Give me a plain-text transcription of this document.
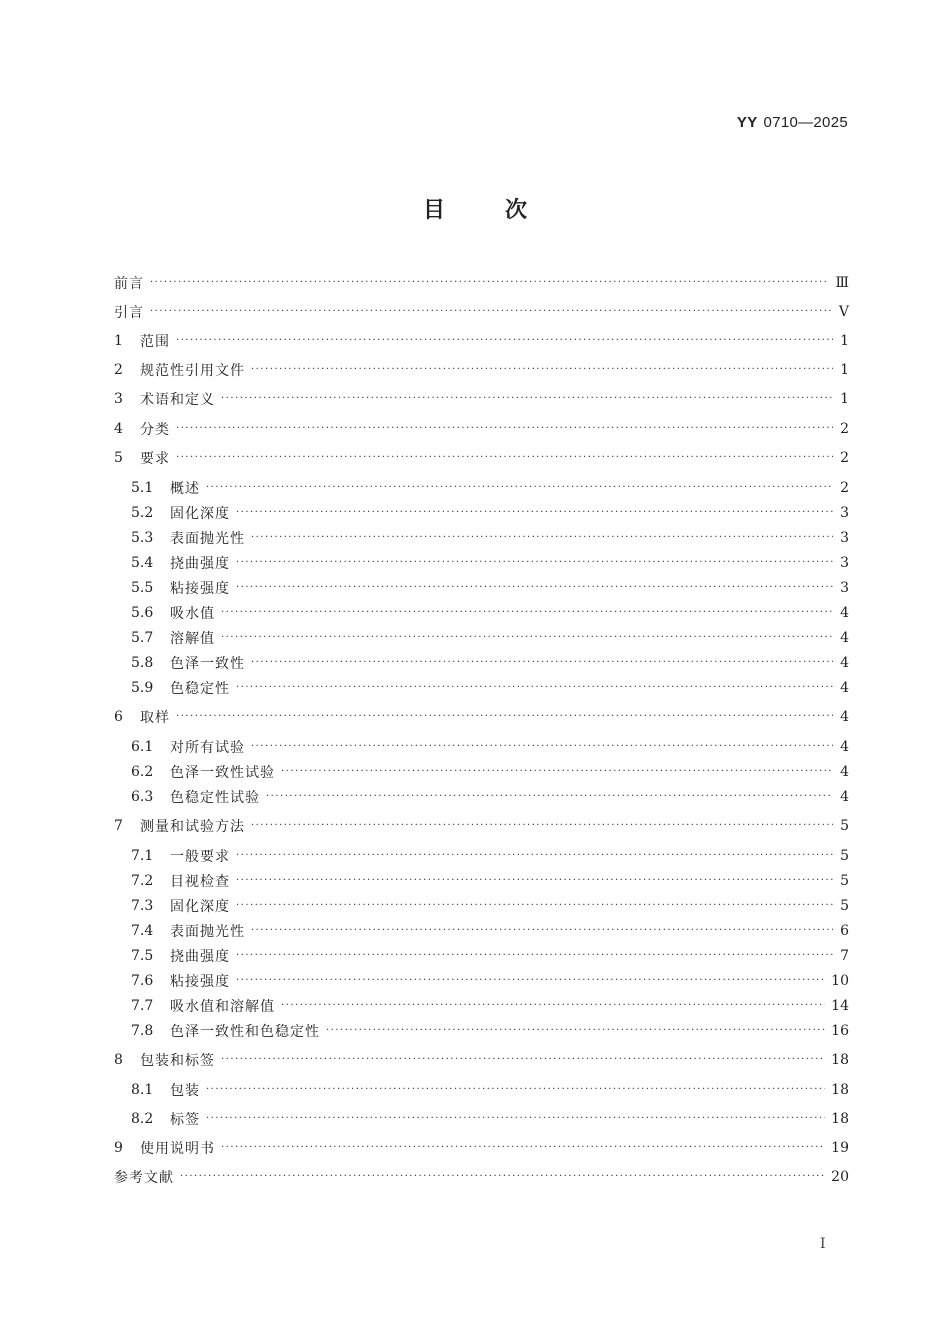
YY 0710—2025
目次
前言 ·····	Ⅲ
引言 ·····	Ⅴ
1	范围 ·····	1
2	规范性引用文件 ·····	1
3	术语和定义 ·····	1
4	分类 ·····	2
5	要求 ·····	2
5.1	概述 ·····	2
5.2	固化深度 ·····	3
5.3	表面抛光性 ·····	3
5.4	挠曲强度 ·····	3
5.5	粘接强度 ·····	3
5.6	吸水值 ·····	4
5.7	溶解值 ·····	4
5.8	色泽一致性 ·····	4
5.9	色稳定性 ·····	4
6	取样 ·····	4
6.1	对所有试验 ·····	4
6.2	色泽一致性试验 ·····	4
6.3	色稳定性试验 ·····	4
7	测量和试验方法 ·····	5
7.1	一般要求 ·····	5
7.2	目视检查 ·····	5
7.3	固化深度 ·····	5
7.4	表面抛光性 ·····	6
7.5	挠曲强度 ·····	7
7.6	粘接强度 ·····	10
7.7	吸水值和溶解值 ·····	14
7.8	色泽一致性和色稳定性 ·····	16
8	包装和标签 ·····	18
8.1	包装 ·····	18
8.2	标签 ·····	18
9	使用说明书 ·····	19
参考文献 ·····	20
I
